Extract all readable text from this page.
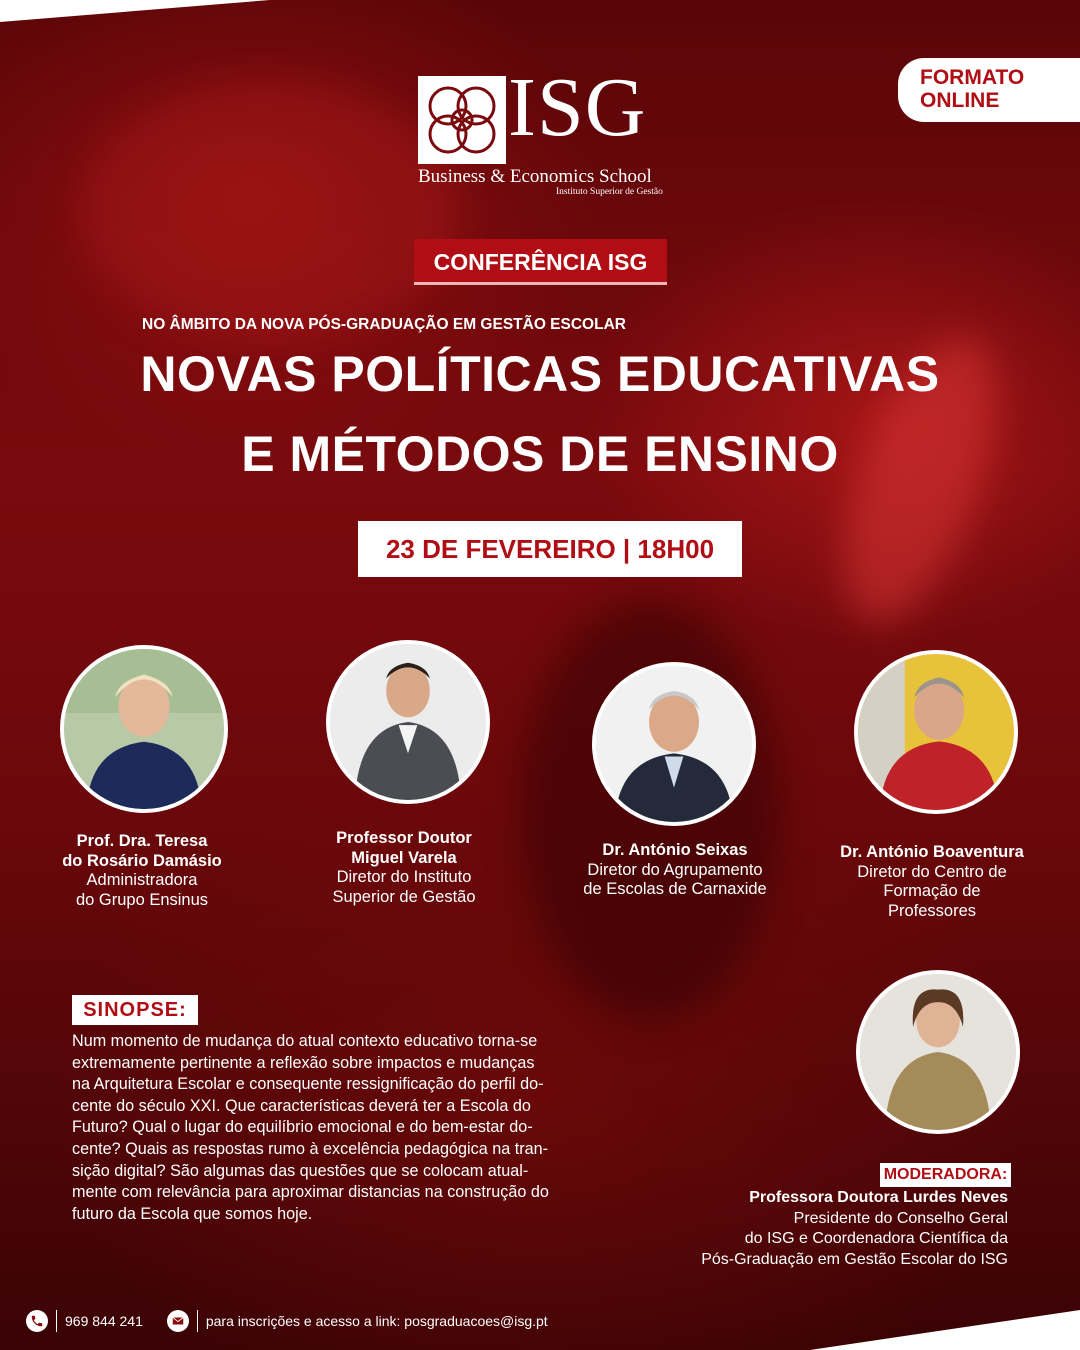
ISG
Business & Economics School
Instituto Superior de Gestão
FORMATO
ONLINE
CONFERÊNCIA ISG
NO ÂMBITO DA NOVA PÓS-GRADUAÇÃO EM GESTÃO ESCOLAR
NOVAS POLÍTICAS EDUCATIVAS
E MÉTODOS DE ENSINO
23 DE FEVEREIRO | 18H00
Prof. Dra. Teresa
do Rosário Damásio
Administradora
do Grupo Ensinus
Professor Doutor
Miguel Varela
Diretor do Instituto
Superior de Gestão
Dr. António Seixas
Diretor do Agrupamento
de Escolas de Carnaxide
Dr. António Boaventura
Diretor do Centro de
Formação de
Professores
SINOPSE:
Num momento de mudança do atual contexto educativo torna-se
extremamente pertinente a reflexão sobre impactos e mudanças
na Arquitetura Escolar e consequente ressignificação do perfil do-
cente do século XXI. Que características deverá ter a Escola do
Futuro? Qual o lugar do equilíbrio emocional e do bem-estar do-
cente? Quais as respostas rumo à excelência pedagógica na tran-
sição digital? São algumas das questões que se colocam atual-
mente com relevância para aproximar distancias na construção do
futuro da Escola que somos hoje.
MODERADORA:
Professora Doutora Lurdes Neves
Presidente do Conselho Geral
do ISG e Coordenadora Científica da
Pós-Graduação em Gestão Escolar do ISG
969 844 241	para inscrições e acesso a link: posgraduacoes@isg.pt
